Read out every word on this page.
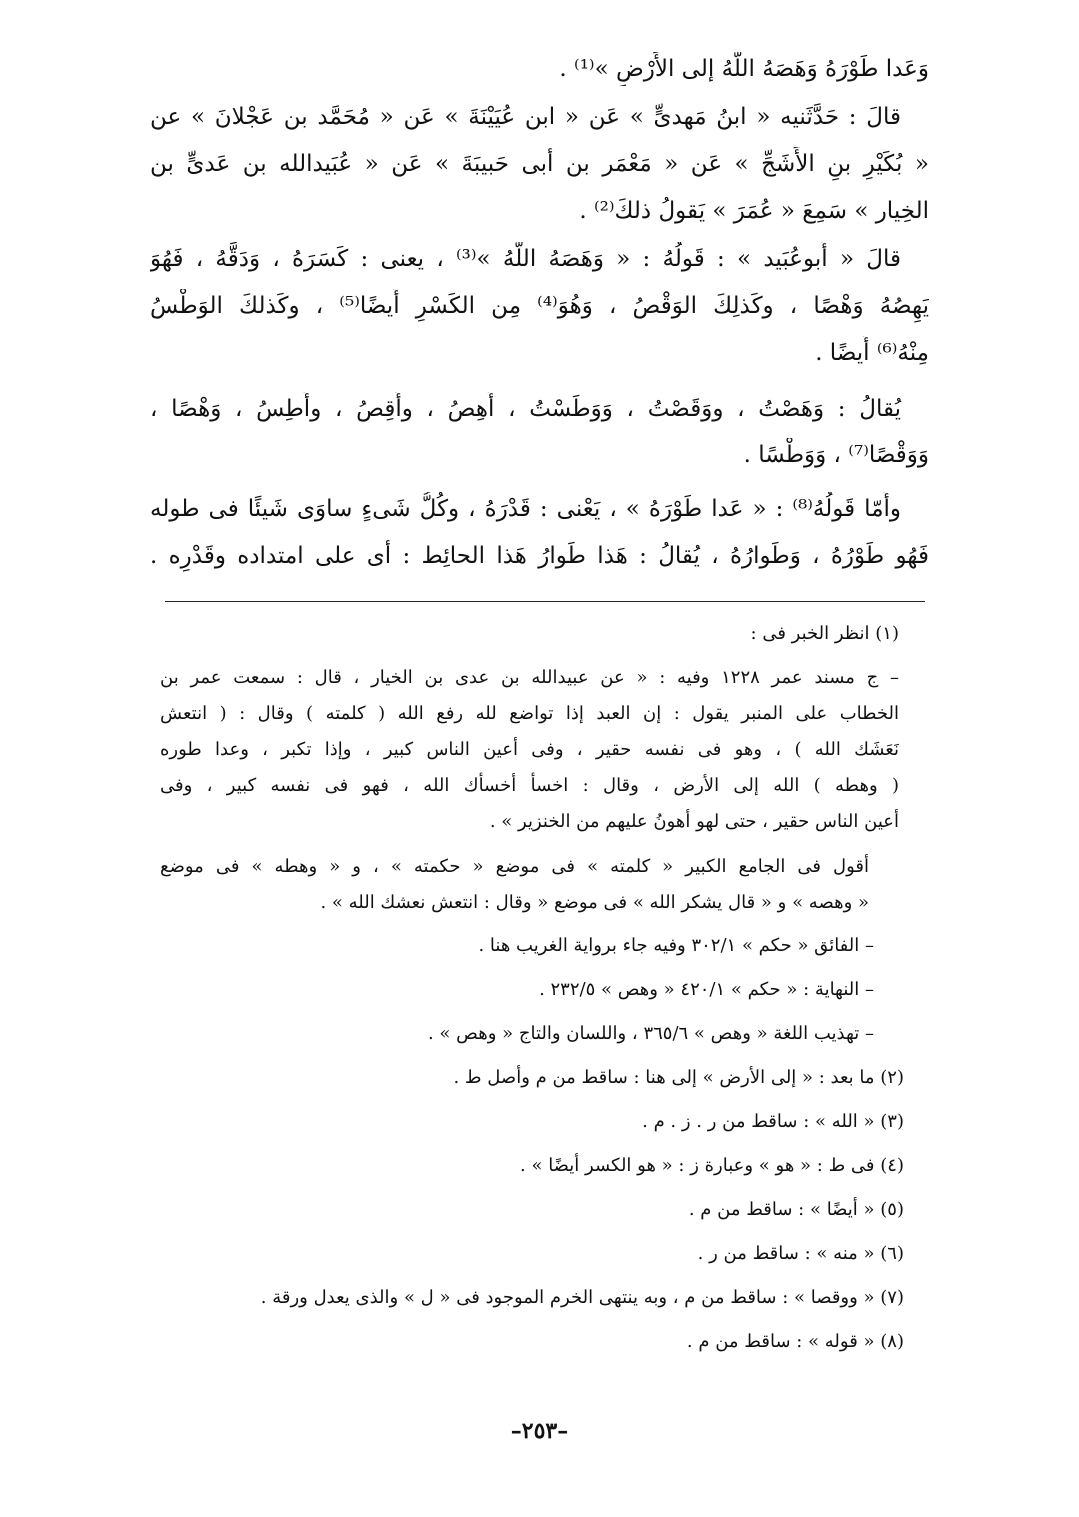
وَعَدا طَوْرَهُ وَهَصَهُ اللَّهُ إلى الأَرْضِ »⁽¹⁾ .
قالَ : حَدَّثَنيه « ابنُ مَهدىٍّ » عَن « ابن عُيَيْنَةَ » عَن « مُحَمَّد بن عَجْلانَ » عن
« بُكَيْرِ بنِ الأَشَجِّ » عَن « مَعْمَر بن أبى حَبيبَةَ » عَن « عُبَيدالله بن عَدىٍّ بن
الخِيار » سَمِعَ « عُمَرَ » يَقولُ ذلكَ⁽²⁾ .
قالَ « أَبوعُبَيد » : قَولُهُ : « وَهَصَهُ اللَّهُ »⁽³⁾ ، يعنى : كَسَرَهُ ، وَدَقَّهُ ، فَهُوَ
يَهِصُهُ وَهْصًا ، وكَذلِكَ الوَقْصُ ، وَهُوَ⁽⁴⁾ مِن الكَسْرِ أَيضًا⁽⁵⁾ ، وكَذلكَ الوَطْسُ
مِنْهُ⁽⁶⁾ أَيضًا .
يُقالُ : وَهَصْتُ ، ووَقَصْتُ ، وَوَطَسْتُ ، أَهِصُ ، وأَقِصُ ، وأَطِسُ ، وَهْصًا ،
وَوَقْصًا⁽⁷⁾ ، وَوَطْسًا .
وأَمّا قَولُهُ⁽⁸⁾ : « عَدا طَوْرَهُ » ، يَعْنى : قَدْرَهُ ، وكُلُّ شَىءٍ ساوَى شَيئًا فى طوله
فَهُو طَوْرُهُ ، وَطَوارُهُ ، يُقالُ : هَذا طَوارُ هَذا الحائِط : أى على امتداده وقَدْرِه .
(١) انظر الخبر فى :
– ج مسند عمر ١٢٢٨ وفيه : « عن عبيدالله بن عدى بن الخيار ، قال : سمعت عمر بن
الخطاب على المنبر يقول : إن العبد إذا تواضع لله رفع الله ( كلمته ) وقال : ( انتعش
نَعَشَك الله ) ، وهو فى نفسه حقير ، وفى أعين الناس كبير ، وإذا تكبر ، وعدا طوره
( وهطه ) الله إلى الأرض ، وقال : اخسأ أخسأك الله ، فهو فى نفسه كبير ، وفى
أعين الناس حقير ، حتى لهو أهونُ عليهم من الخنزير » .
أقول فى الجامع الكبير « كلمته » فى موضع « حكمته » ، و « وهطه » فى موضع
« وهصه » و « قال يشكر الله » فى موضع « وقال : انتعش نعشك الله » .
– الفائق « حكم » ٣٠٢/١ وفيه جاء برواية الغريب هنا .
– النهاية : « حكم » ٤٢٠/١ « وهص » ٢٣٢/٥ .
– تهذيب اللغة « وهص » ٣٦٥/٦ ، واللسان والتاج « وهص » .
(٢) ما بعد : « إلى الأرض » إلى هنا : ساقط من م وأصل ط .
(٣) « الله » : ساقط من ر . ز . م .
(٤) فى ط : « هو » وعبارة ز : « هو الكسر أيضًا » .
(٥) « أيضًا » : ساقط من م .
(٦) « منه » : ساقط من ر .
(٧) « ووقصا » : ساقط من م ، وبه ينتهى الخرم الموجود فى « ل » والذى يعدل ورقة .
(٨) « قوله » : ساقط من م .
–٢٥٣–
